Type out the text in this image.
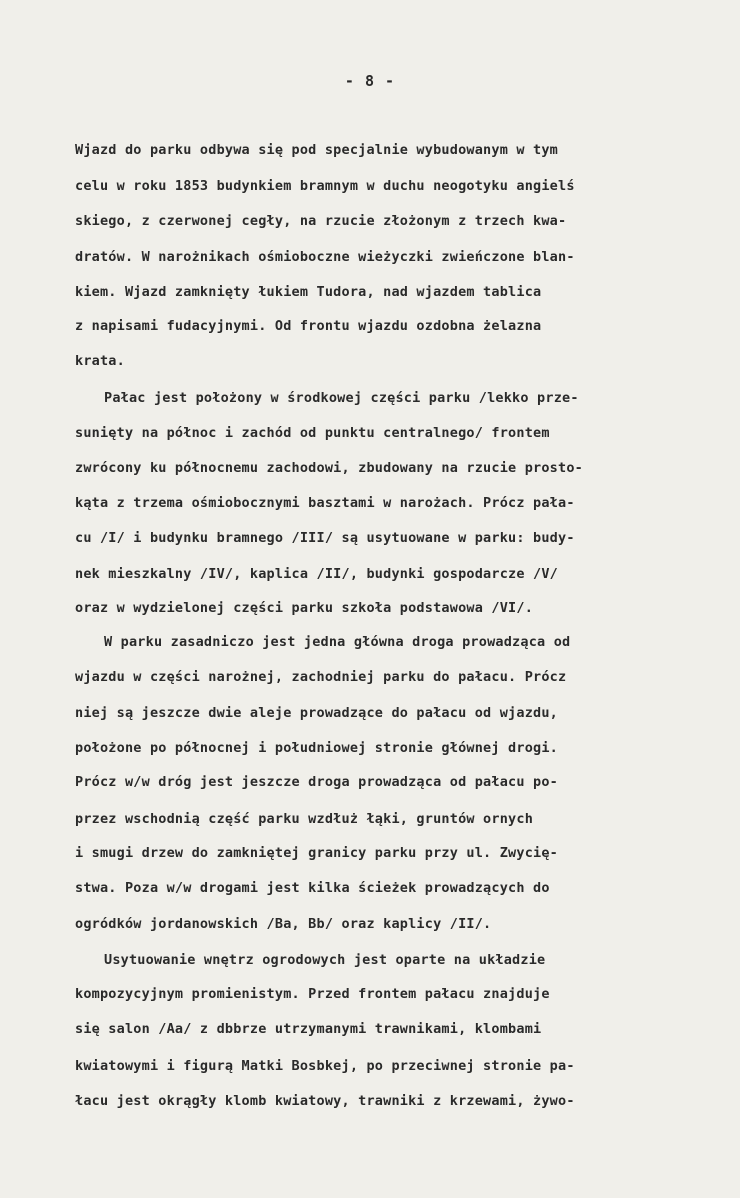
- 8 -
Wjazd do parku odbywa się pod specjalnie wybudowanym w tym
celu w roku 1853 budynkiem bramnym w duchu neogotyku angielś
skiego, z czerwonej cegły, na rzucie złożonym z trzech kwa-
dratów. W narożnikach ośmioboczne wieżyczki zwieńczone blan-
kiem. Wjazd zamknięty łukiem Tudora, nad wjazdem tablica
z napisami fudacyjnymi. Od frontu wjazdu ozdobna żelazna
krata.
Pałac jest położony w środkowej części parku /lekko prze-
sunięty na północ i zachód od punktu centralnego/ frontem
zwrócony ku północnemu zachodowi, zbudowany na rzucie prosto-
kąta z trzema ośmiobocznymi basztami w narożach. Prócz pała-
cu /I/ i budynku bramnego /III/ są usytuowane w parku: budy-
nek mieszkalny /IV/, kaplica /II/, budynki gospodarcze /V/
oraz w wydzielonej części parku szkoła podstawowa /VI/.
W parku zasadniczo jest jedna główna droga prowadząca od
wjazdu w części narożnej, zachodniej parku do pałacu. Prócz
niej są jeszcze dwie aleje prowadzące do pałacu od wjazdu,
położone po północnej i południowej stronie głównej drogi.
Prócz w/w dróg jest jeszcze droga prowadząca od pałacu po-
przez wschodnią część parku wzdłuż łąki, gruntów ornych
i smugi drzew do zamkniętej granicy parku przy ul. Zwycię-
stwa. Poza w/w drogami jest kilka ścieżek prowadzących do
ogródków jordanowskich /Ba, Bb/ oraz kaplicy /II/.
Usytuowanie wnętrz ogrodowych jest oparte na układzie
kompozycyjnym promienistym. Przed frontem pałacu znajduje
się salon /Aa/ z dbbrze utrzymanymi trawnikami, klombami
kwiatowymi i figurą Matki Bosbkej, po przeciwnej stronie pa-
łacu jest okrągły klomb kwiatowy, trawniki z krzewami, żywo-
